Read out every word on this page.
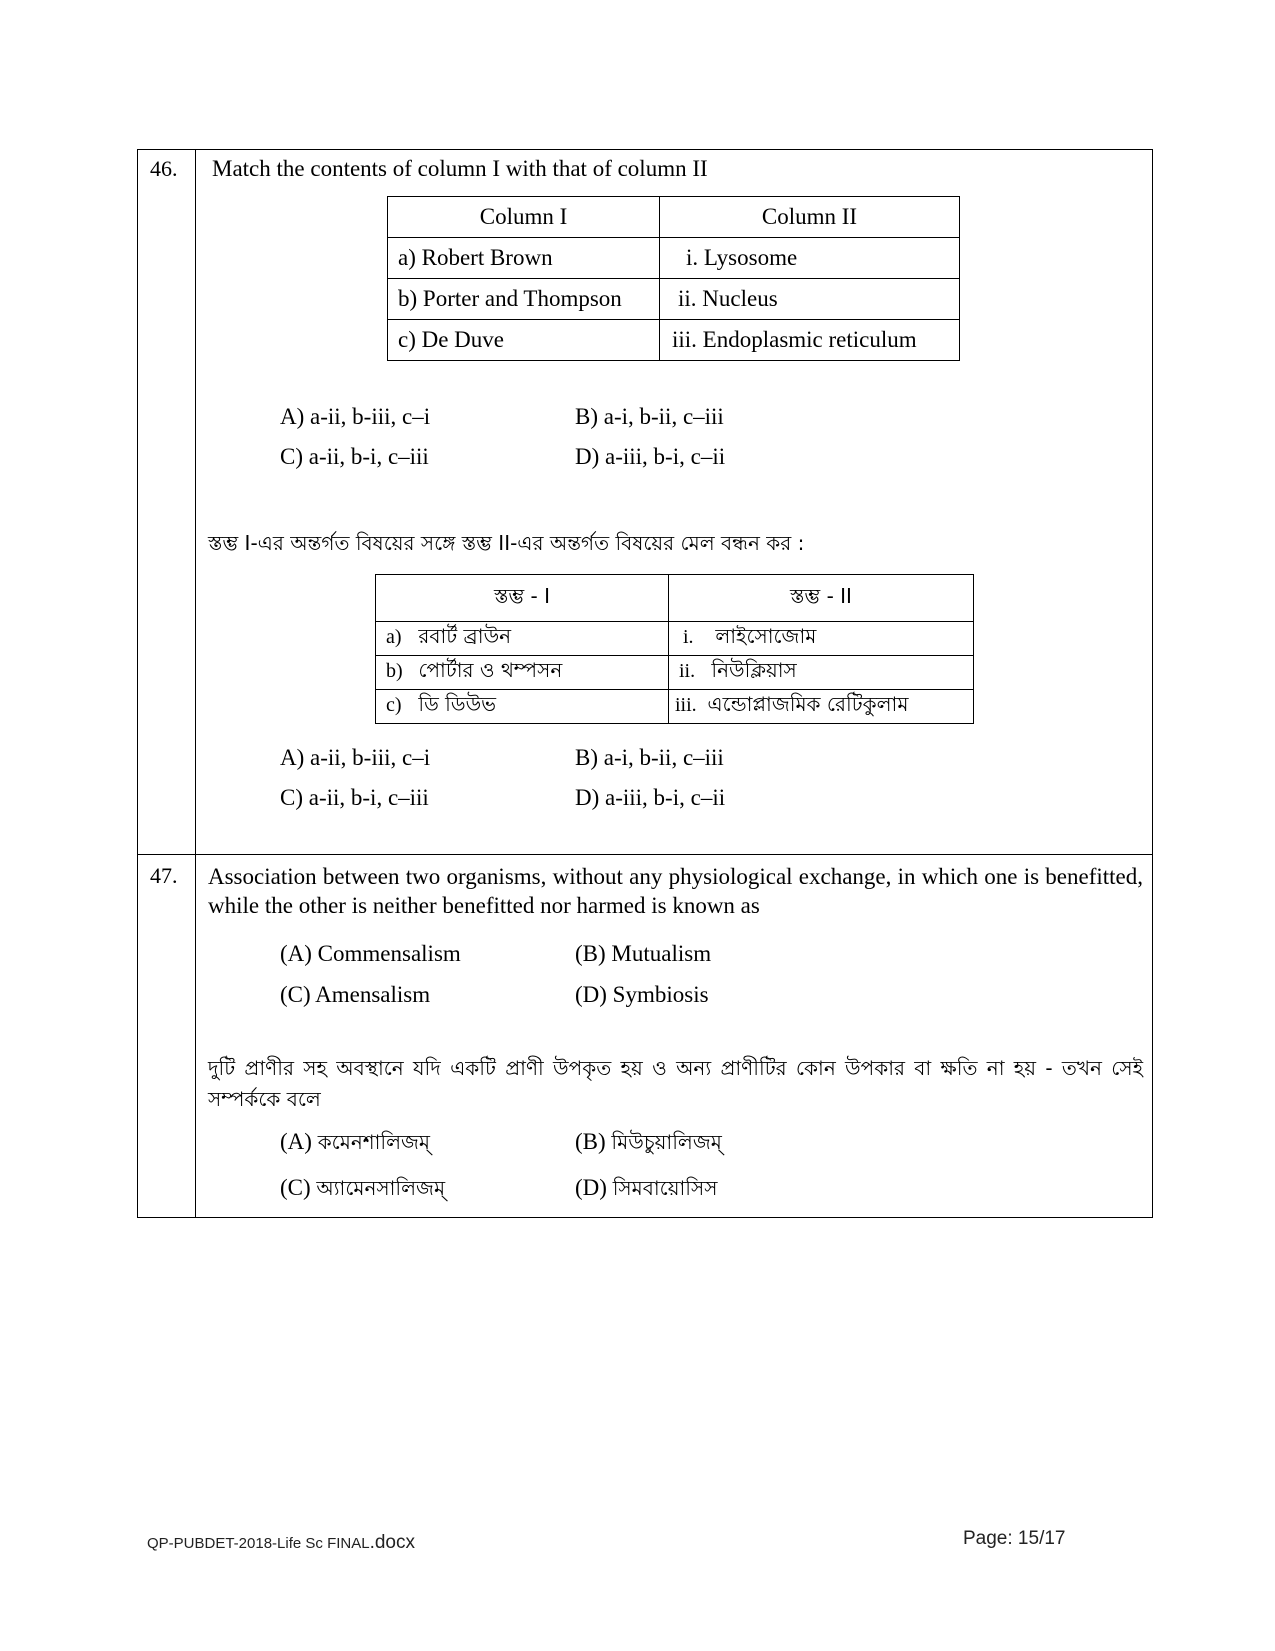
46. Match the contents of column I with that of column II
Column I	Column II
a) Robert Brown	i. Lysosome
b) Porter and Thompson	ii. Nucleus
c) De Duve	iii. Endoplasmic reticulum
A) a-ii, b-iii, c–i	B) a-i, b-ii, c–iii
C) a-ii, b-i, c–iii	D) a-iii, b-i, c–ii
স্তম্ভ I-এর অন্তর্গত বিষয়ের সঙ্গে স্তম্ভ II-এর অন্তর্গত বিষয়ের মেল বন্ধন কর :
স্তম্ভ - I	স্তম্ভ - II
a) রবার্ট ব্রাউন	i. লাইসোজোম
b) পোর্টার ও থম্পসন	ii. নিউক্লিয়াস
c) ডি ডিউভ	iii. এন্ডোপ্লাজমিক রেটিকুলাম
A) a-ii, b-iii, c–i	B) a-i, b-ii, c–iii
C) a-ii, b-i, c–iii	D) a-iii, b-i, c–ii
47. Association between two organisms, without any physiological exchange, in which one is benefitted, while the other is neither benefitted nor harmed is known as
(A) Commensalism	(B) Mutualism
(C) Amensalism	(D) Symbiosis
দুটি প্রাণীর সহ অবস্থানে যদি একটি প্রাণী উপকৃত হয় ও অন্য প্রাণীটির কোন উপকার বা ক্ষতি না হয় - তখন সেই সম্পর্ককে বলে
(A) কমেনশালিজম্	(B) মিউচুয়ালিজম্
(C) অ্যামেনসালিজম্	(D) সিমবায়োসিস
QP-PUBDET-2018-Life Sc FINAL.docx	Page: 15/17
